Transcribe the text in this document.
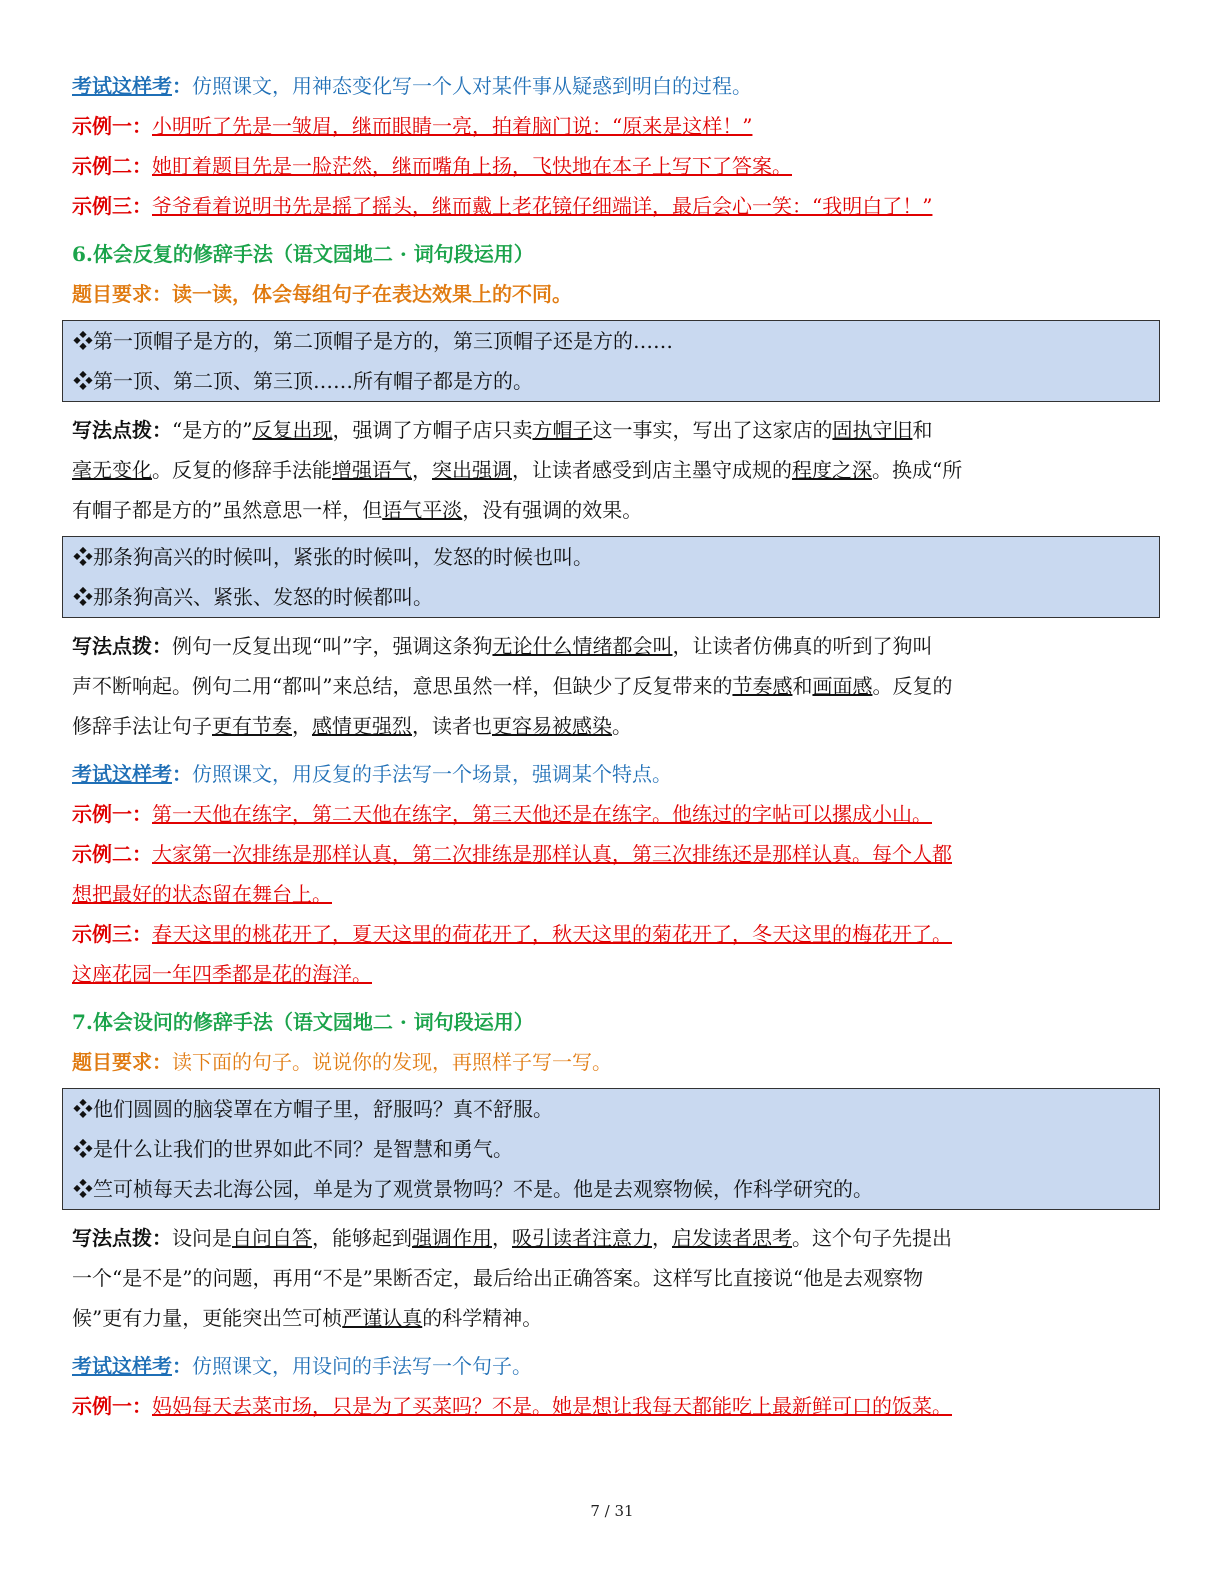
考试这样考：仿照课文，用神态变化写一个人对某件事从疑惑到明白的过程。
示例一：小明听了先是一皱眉，继而眼睛一亮，拍着脑门说：“原来是这样！”
示例二：她盯着题目先是一脸茫然，继而嘴角上扬，飞快地在本子上写下了答案。
示例三：爷爷看着说明书先是摇了摇头，继而戴上老花镜仔细端详，最后会心一笑：“我明白了！”
6.体会反复的修辞手法（语文园地二 · 词句段运用）
题目要求：读一读，体会每组句子在表达效果上的不同。
❖第一顶帽子是方的，第二顶帽子是方的，第三顶帽子还是方的……
❖第一顶、第二顶、第三顶……所有帽子都是方的。
写法点拨：“是方的”反复出现，强调了方帽子店只卖方帽子这一事实，写出了这家店的固执守旧和
毫无变化。反复的修辞手法能增强语气，突出强调，让读者感受到店主墨守成规的程度之深。换成“所
有帽子都是方的”虽然意思一样，但语气平淡，没有强调的效果。
❖那条狗高兴的时候叫，紧张的时候叫，发怒的时候也叫。
❖那条狗高兴、紧张、发怒的时候都叫。
写法点拨：例句一反复出现“叫”字，强调这条狗无论什么情绪都会叫，让读者仿佛真的听到了狗叫
声不断响起。例句二用“都叫”来总结，意思虽然一样，但缺少了反复带来的节奏感和画面感。反复的
修辞手法让句子更有节奏，感情更强烈，读者也更容易被感染。
考试这样考：仿照课文，用反复的手法写一个场景，强调某个特点。
示例一：第一天他在练字，第二天他在练字，第三天他还是在练字。他练过的字帖可以摞成小山。
示例二：大家第一次排练是那样认真，第二次排练是那样认真，第三次排练还是那样认真。每个人都
想把最好的状态留在舞台上。
示例三：春天这里的桃花开了，夏天这里的荷花开了，秋天这里的菊花开了，冬天这里的梅花开了。
这座花园一年四季都是花的海洋。
7.体会设问的修辞手法（语文园地二 · 词句段运用）
题目要求：读下面的句子。说说你的发现，再照样子写一写。
❖他们圆圆的脑袋罩在方帽子里，舒服吗？真不舒服。
❖是什么让我们的世界如此不同？是智慧和勇气。
❖竺可桢每天去北海公园，单是为了观赏景物吗？不是。他是去观察物候，作科学研究的。
写法点拨：设问是自问自答，能够起到强调作用，吸引读者注意力，启发读者思考。这个句子先提出
一个“是不是”的问题，再用“不是”果断否定，最后给出正确答案。这样写比直接说“他是去观察物
候”更有力量，更能突出竺可桢严谨认真的科学精神。
考试这样考：仿照课文，用设问的手法写一个句子。
示例一：妈妈每天去菜市场，只是为了买菜吗？不是。她是想让我每天都能吃上最新鲜可口的饭菜。
7 / 31
